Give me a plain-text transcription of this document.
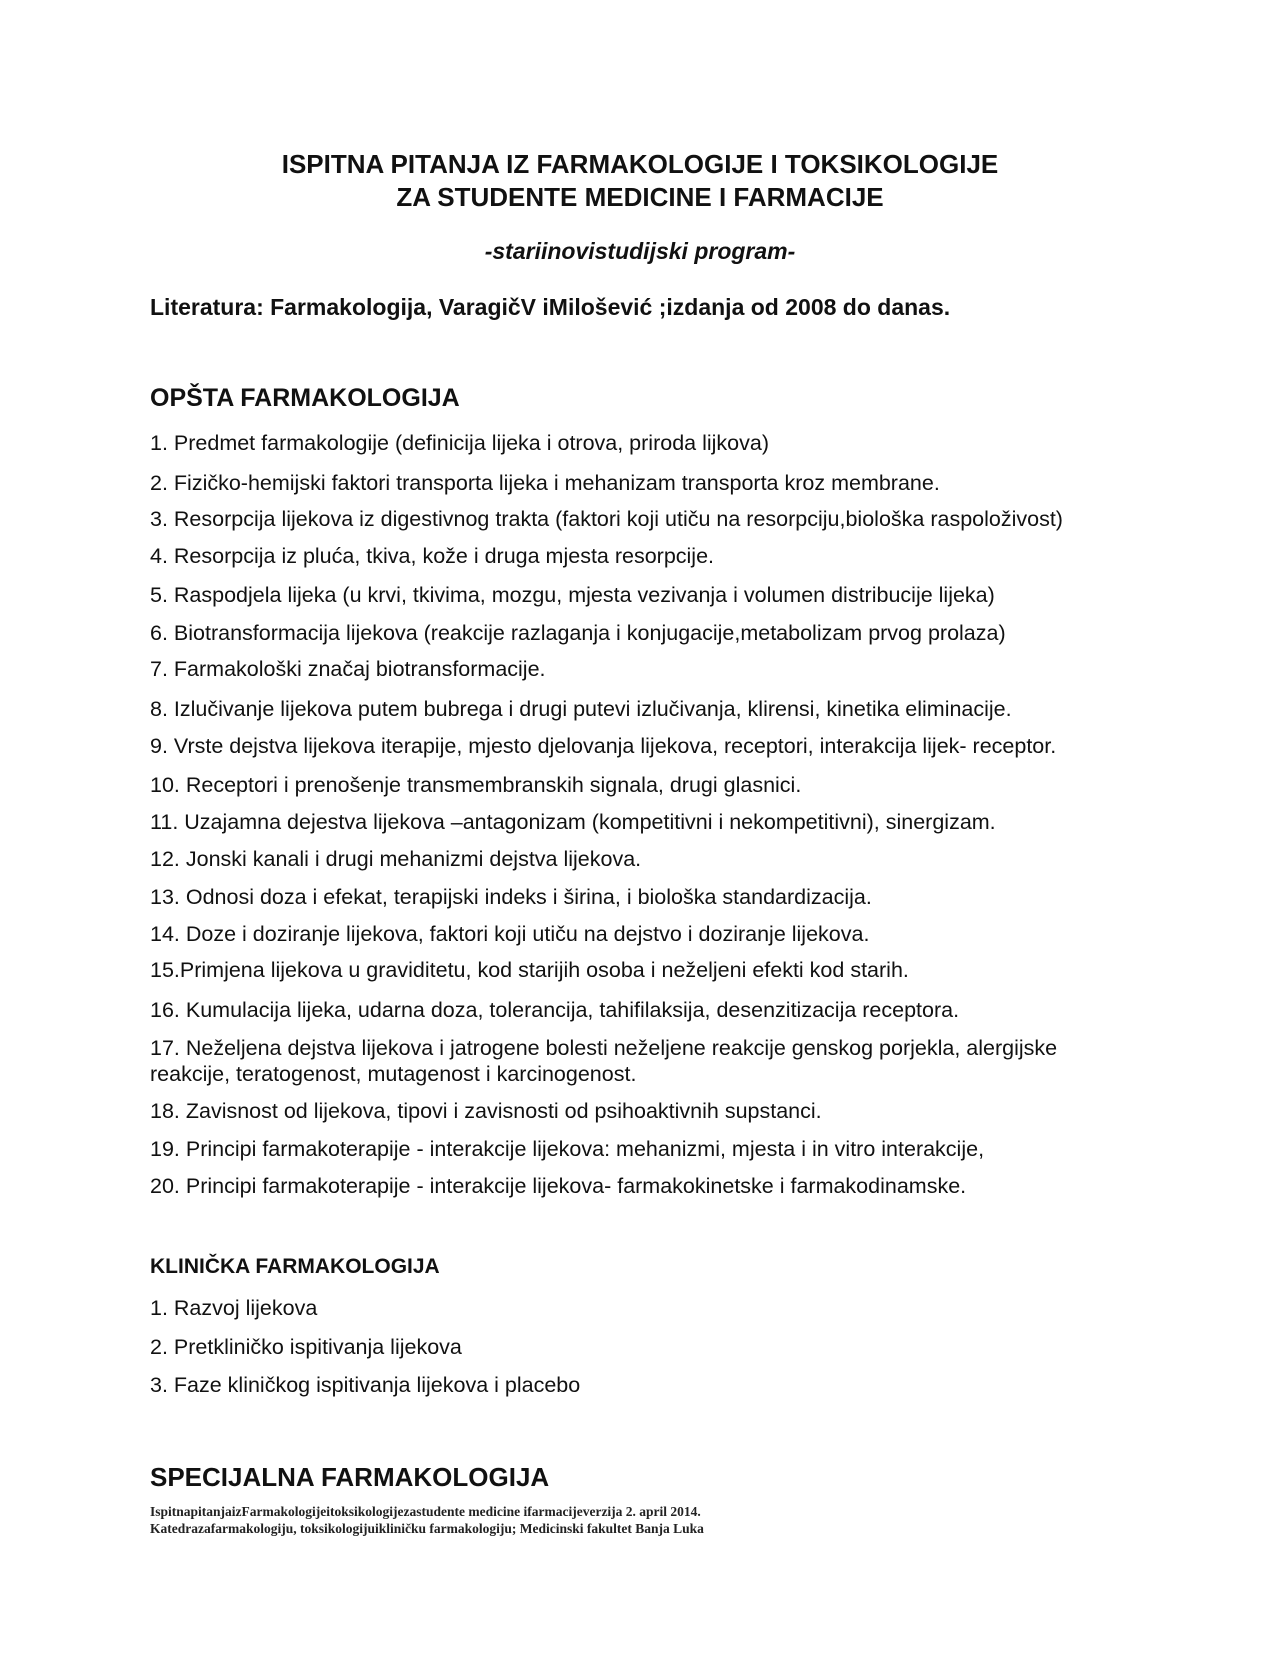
ISPITNA PITANJA IZ FARMAKOLOGIJE I TOKSIKOLOGIJE
ZA STUDENTE MEDICINE I FARMACIJE

-stariinovistudijski program-

Literatura: Farmakologija, VaragičV iMilošević ;izdanja od 2008 do danas.

OPŠTA FARMAKOLOGIJA
1. Predmet farmakologije (definicija lijeka i otrova, priroda lijkova)
2. Fizičko-hemijski faktori transporta lijeka i mehanizam transporta kroz membrane.
3. Resorpcija lijekova iz digestivnog trakta (faktori koji utiču na resorpciju,biološka raspoloživost)
4. Resorpcija iz pluća, tkiva, kože i druga mjesta resorpcije.
5. Raspodjela lijeka (u krvi, tkivima, mozgu, mjesta vezivanja i volumen distribucije lijeka)
6. Biotransformacija lijekova (reakcije razlaganja i konjugacije,metabolizam prvog prolaza)
7. Farmakološki značaj biotransformacije.
8. Izlučivanje lijekova putem bubrega i drugi putevi izlučivanja, klirensi, kinetika eliminacije.
9. Vrste dejstva lijekova iterapije, mjesto djelovanja lijekova, receptori, interakcija lijek- receptor.
10. Receptori i prenošenje transmembranskih signala, drugi glasnici.
11. Uzajamna dejestva lijekova –antagonizam (kompetitivni i nekompetitivni), sinergizam.
12. Jonski kanali i drugi mehanizmi dejstva lijekova.
13. Odnosi doza i efekat, terapijski indeks i širina, i biološka standardizacija.
14. Doze i doziranje lijekova, faktori koji utiču na dejstvo i doziranje lijekova.
15.Primjena lijekova u graviditetu, kod starijih osoba i neželjeni efekti kod starih.
16. Kumulacija lijeka, udarna doza, tolerancija, tahifilaksija, desenzitizacija receptora.
17. Neželjena dejstva lijekova i jatrogene bolesti neželjene reakcije genskog porjekla, alergijske reakcije, teratogenost, mutagenost i karcinogenost.
18. Zavisnost od lijekova, tipovi i zavisnosti od psihoaktivnih supstanci.
19. Principi farmakoterapije - interakcije lijekova: mehanizmi, mjesta i in vitro interakcije,
20. Principi farmakoterapije - interakcije lijekova- farmakokinetske i farmakodinamske.
KLINIČKA FARMAKOLOGIJA
1. Razvoj lijekova
2. Pretkliničko ispitivanja lijekova
3. Faze kliničkog ispitivanja lijekova i placebo
SPECIJALNA FARMAKOLOGIJA
IspitnapitanjaizFarmakologijeitoksikologijezastudente medicine ifarmacijeverzija 2. april 2014.
Katedrazafarmakologiju, toksikologijuikliničku farmakologiju; Medicinski fakultet Banja Luka
